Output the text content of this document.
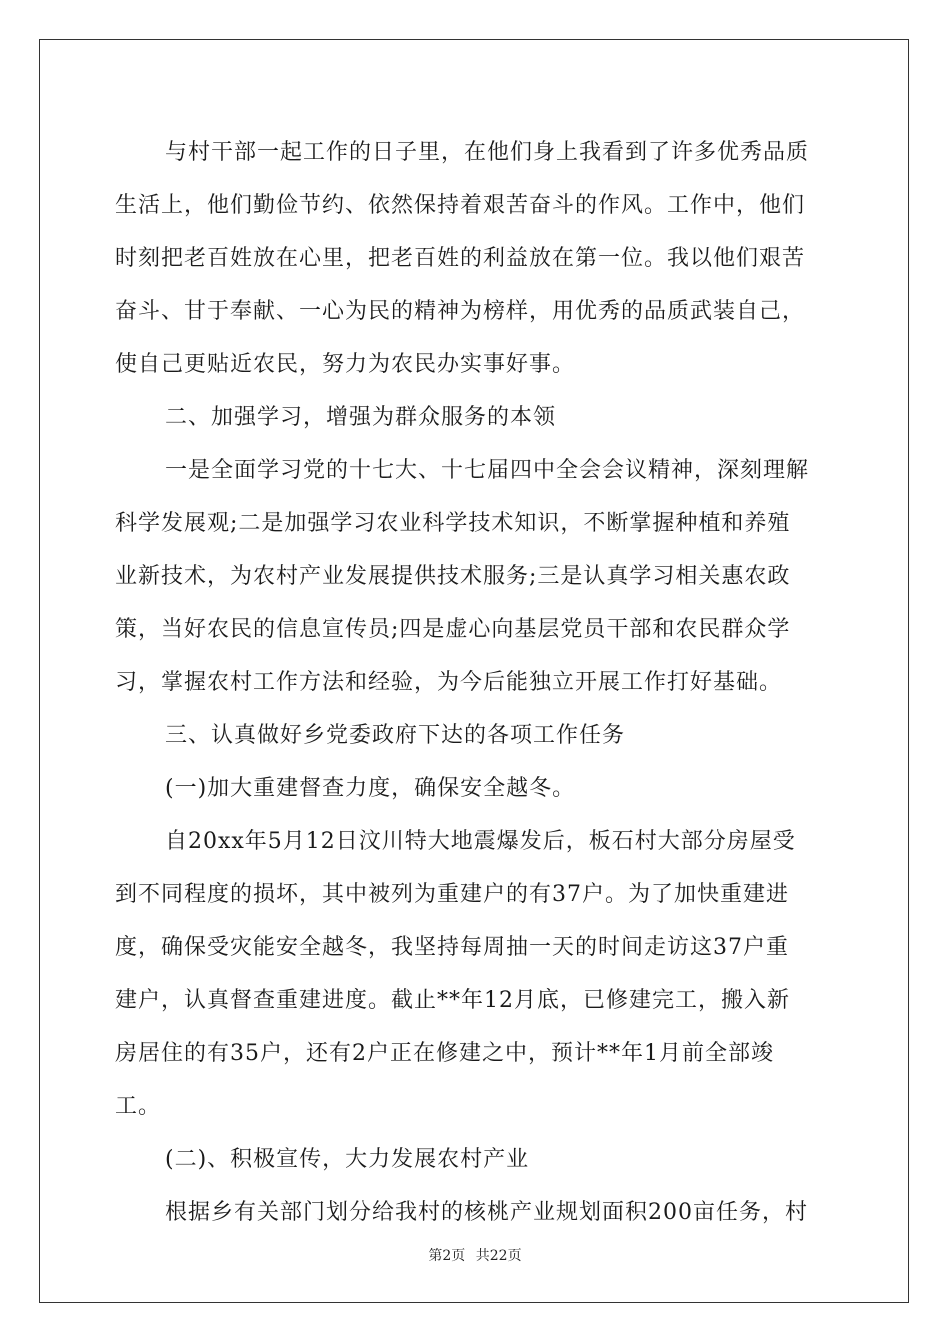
与村干部一起工作的日子里，在他们身上我看到了许多优秀品质
生活上，他们勤俭节约、依然保持着艰苦奋斗的作风。工作中，他们
时刻把老百姓放在心里，把老百姓的利益放在第一位。我以他们艰苦
奋斗、甘于奉献、一心为民的精神为榜样，用优秀的品质武装自己，
使自己更贴近农民，努力为农民办实事好事。
二、加强学习，增强为群众服务的本领
一是全面学习党的十七大、十七届四中全会会议精神，深刻理解
科学发展观;二是加强学习农业科学技术知识，不断掌握种植和养殖
业新技术，为农村产业发展提供技术服务;三是认真学习相关惠农政
策，当好农民的信息宣传员;四是虚心向基层党员干部和农民群众学
习，掌握农村工作方法和经验，为今后能独立开展工作打好基础。
三、认真做好乡党委政府下达的各项工作任务
(一)加大重建督查力度，确保安全越冬。
自20xx年5月12日汶川特大地震爆发后，板石村大部分房屋受
到不同程度的损坏，其中被列为重建户的有37户。为了加快重建进
度，确保受灾能安全越冬，我坚持每周抽一天的时间走访这37户重
建户，认真督查重建进度。截止**年12月底，已修建完工，搬入新
房居住的有35户，还有2户正在修建之中，预计**年1月前全部竣
工。
(二)、积极宣传，大力发展农村产业
根据乡有关部门划分给我村的核桃产业规划面积200亩任务，村
第2页 共22页
